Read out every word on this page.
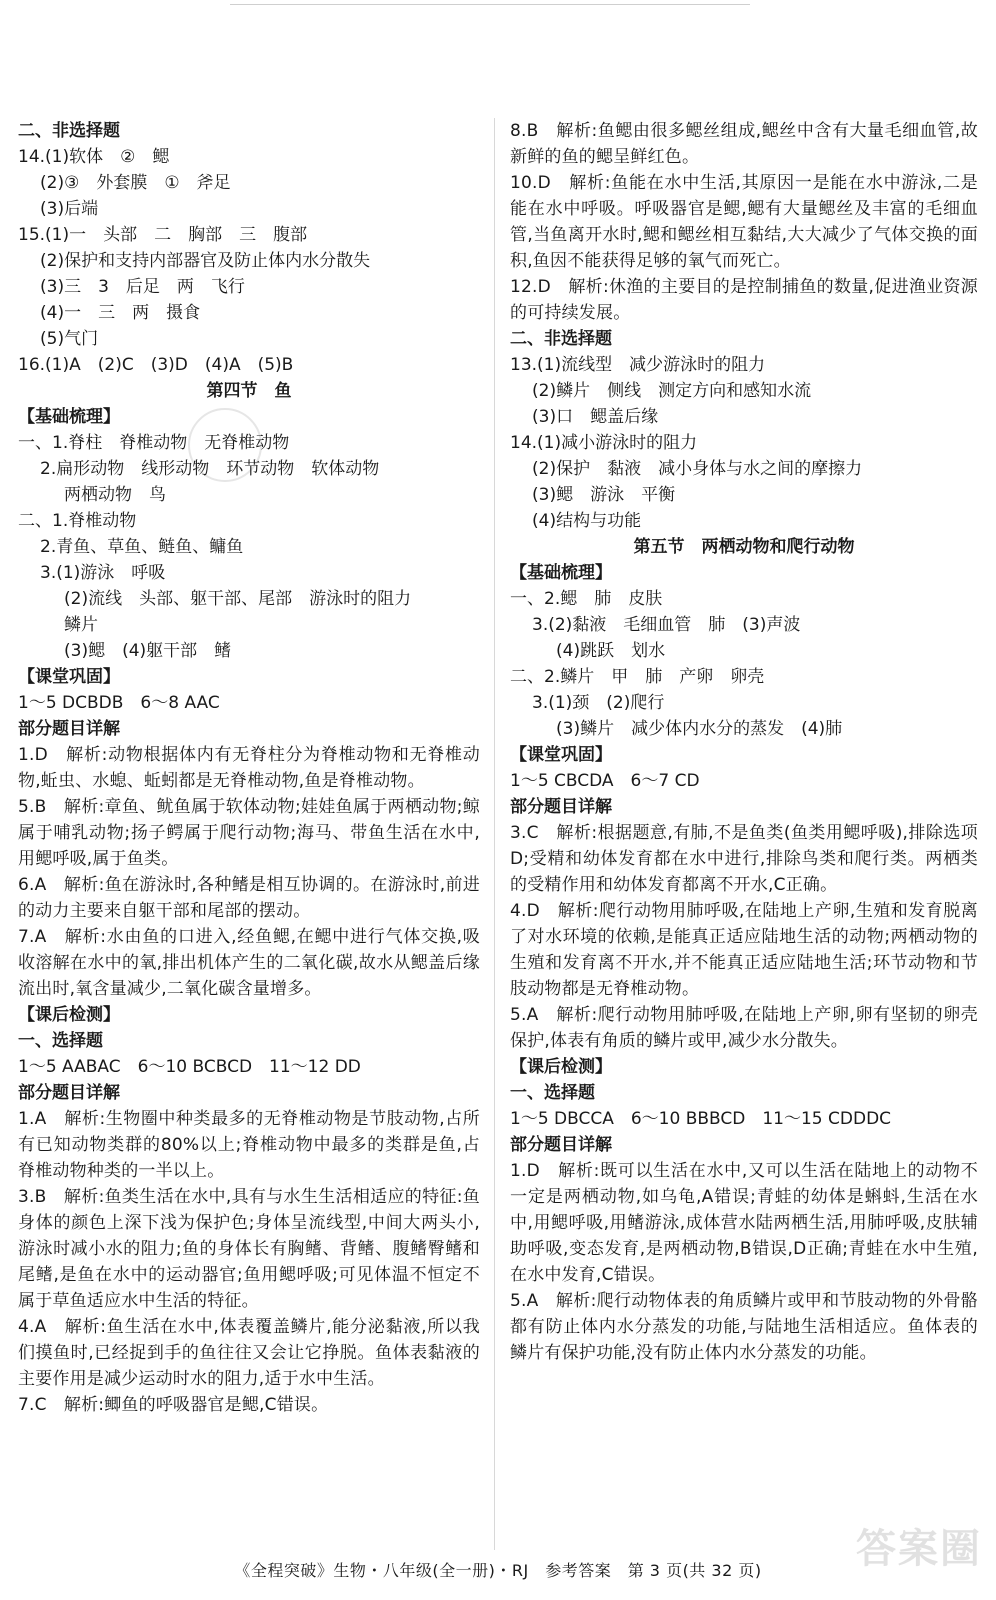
二、非选择题
14.(1)软体　②　鳃
(2)③　外套膜　①　斧足
(3)后端
15.(1)一　头部　二　胸部　三　腹部
(2)保护和支持内部器官及防止体内水分散失
(3)三　3　后足　两　飞行
(4)一　三　两　摄食
(5)气门
16.(1)A　(2)C　(3)D　(4)A　(5)B
第四节　鱼
【基础梳理】
一、1.脊柱　脊椎动物　无脊椎动物
2.扁形动物　线形动物　环节动物　软体动物
两栖动物　鸟
二、1.脊椎动物
2.青鱼、草鱼、鲢鱼、鳙鱼
3.(1)游泳　呼吸
(2)流线　头部、躯干部、尾部　游泳时的阻力
鳞片
(3)鳃　(4)躯干部　鳍
【课堂巩固】
1～5 DCBDB　6～8 AAC
部分题目详解
1.D　解析:动物根据体内有无脊柱分为脊椎动物和无脊椎动物,蚯虫、水螅、蚯蚓都是无脊椎动物,鱼是脊椎动物。
5.B　解析:章鱼、鱿鱼属于软体动物;娃娃鱼属于两栖动物;鲸属于哺乳动物;扬子鳄属于爬行动物;海马、带鱼生活在水中,用鳃呼吸,属于鱼类。
6.A　解析:鱼在游泳时,各种鳍是相互协调的。在游泳时,前进的动力主要来自躯干部和尾部的摆动。
7.A　解析:水由鱼的口进入,经鱼鳃,在鳃中进行气体交换,吸收溶解在水中的氧,排出机体产生的二氧化碳,故水从鳃盖后缘流出时,氧含量减少,二氧化碳含量增多。
【课后检测】
一、选择题
1～5 AABAC　6～10 BCBCD　11～12 DD
部分题目详解
1.A　解析:生物圈中种类最多的无脊椎动物是节肢动物,占所有已知动物类群的80%以上;脊椎动物中最多的类群是鱼,占脊椎动物种类的一半以上。
3.B　解析:鱼类生活在水中,具有与水生生活相适应的特征:鱼身体的颜色上深下浅为保护色;身体呈流线型,中间大两头小,游泳时减小水的阻力;鱼的身体长有胸鳍、背鳍、腹鳍臀鳍和尾鳍,是鱼在水中的运动器官;鱼用鳃呼吸;可见体温不恒定不属于草鱼适应水中生活的特征。
4.A　解析:鱼生活在水中,体表覆盖鳞片,能分泌黏液,所以我们摸鱼时,已经捉到手的鱼往往又会让它挣脱。鱼体表黏液的主要作用是减少运动时水的阻力,适于水中生活。
7.C　解析:鲫鱼的呼吸器官是鳃,C错误。
8.B　解析:鱼鳃由很多鳃丝组成,鳃丝中含有大量毛细血管,故新鲜的鱼的鳃呈鲜红色。
10.D　解析:鱼能在水中生活,其原因一是能在水中游泳,二是能在水中呼吸。呼吸器官是鳃,鳃有大量鳃丝及丰富的毛细血管,当鱼离开水时,鳃和鳃丝相互黏结,大大减少了气体交换的面积,鱼因不能获得足够的氧气而死亡。
12.D　解析:休渔的主要目的是控制捕鱼的数量,促进渔业资源的可持续发展。
二、非选择题
13.(1)流线型　减少游泳时的阻力
(2)鳞片　侧线　测定方向和感知水流
(3)口　鳃盖后缘
14.(1)减小游泳时的阻力
(2)保护　黏液　减小身体与水之间的摩擦力
(3)鳃　游泳　平衡
(4)结构与功能
第五节　两栖动物和爬行动物
【基础梳理】
一、2.鳃　肺　皮肤
3.(2)黏液　毛细血管　肺　(3)声波
(4)跳跃　划水
二、2.鳞片　甲　肺　产卵　卵壳
3.(1)颈　(2)爬行
(3)鳞片　减少体内水分的蒸发　(4)肺
【课堂巩固】
1～5 CBCDA　6～7 CD
部分题目详解
3.C　解析:根据题意,有肺,不是鱼类(鱼类用鳃呼吸),排除选项D;受精和幼体发育都在水中进行,排除鸟类和爬行类。两栖类的受精作用和幼体发育都离不开水,C正确。
4.D　解析:爬行动物用肺呼吸,在陆地上产卵,生殖和发育脱离了对水环境的依赖,是能真正适应陆地生活的动物;两栖动物的生殖和发育离不开水,并不能真正适应陆地生活;环节动物和节肢动物都是无脊椎动物。
5.A　解析:爬行动物用肺呼吸,在陆地上产卵,卵有坚韧的卵壳保护,体表有角质的鳞片或甲,减少水分散失。
【课后检测】
一、选择题
1～5 DBCCA　6～10 BBBCD　11～15 CDDDC
部分题目详解
1.D　解析:既可以生活在水中,又可以生活在陆地上的动物不一定是两栖动物,如乌龟,A错误;青蛙的幼体是蝌蚪,生活在水中,用鳃呼吸,用鳍游泳,成体营水陆两栖生活,用肺呼吸,皮肤辅助呼吸,变态发育,是两栖动物,B错误,D正确;青蛙在水中生殖,在水中发育,C错误。
5.A　解析:爬行动物体表的角质鳞片或甲和节肢动物的外骨骼都有防止体内水分蒸发的功能,与陆地生活相适应。鱼体表的鳞片有保护功能,没有防止体内水分蒸发的功能。
《全程突破》生物・八年级(全一册)・RJ　参考答案　第 3 页(共 32 页)	答案圈
